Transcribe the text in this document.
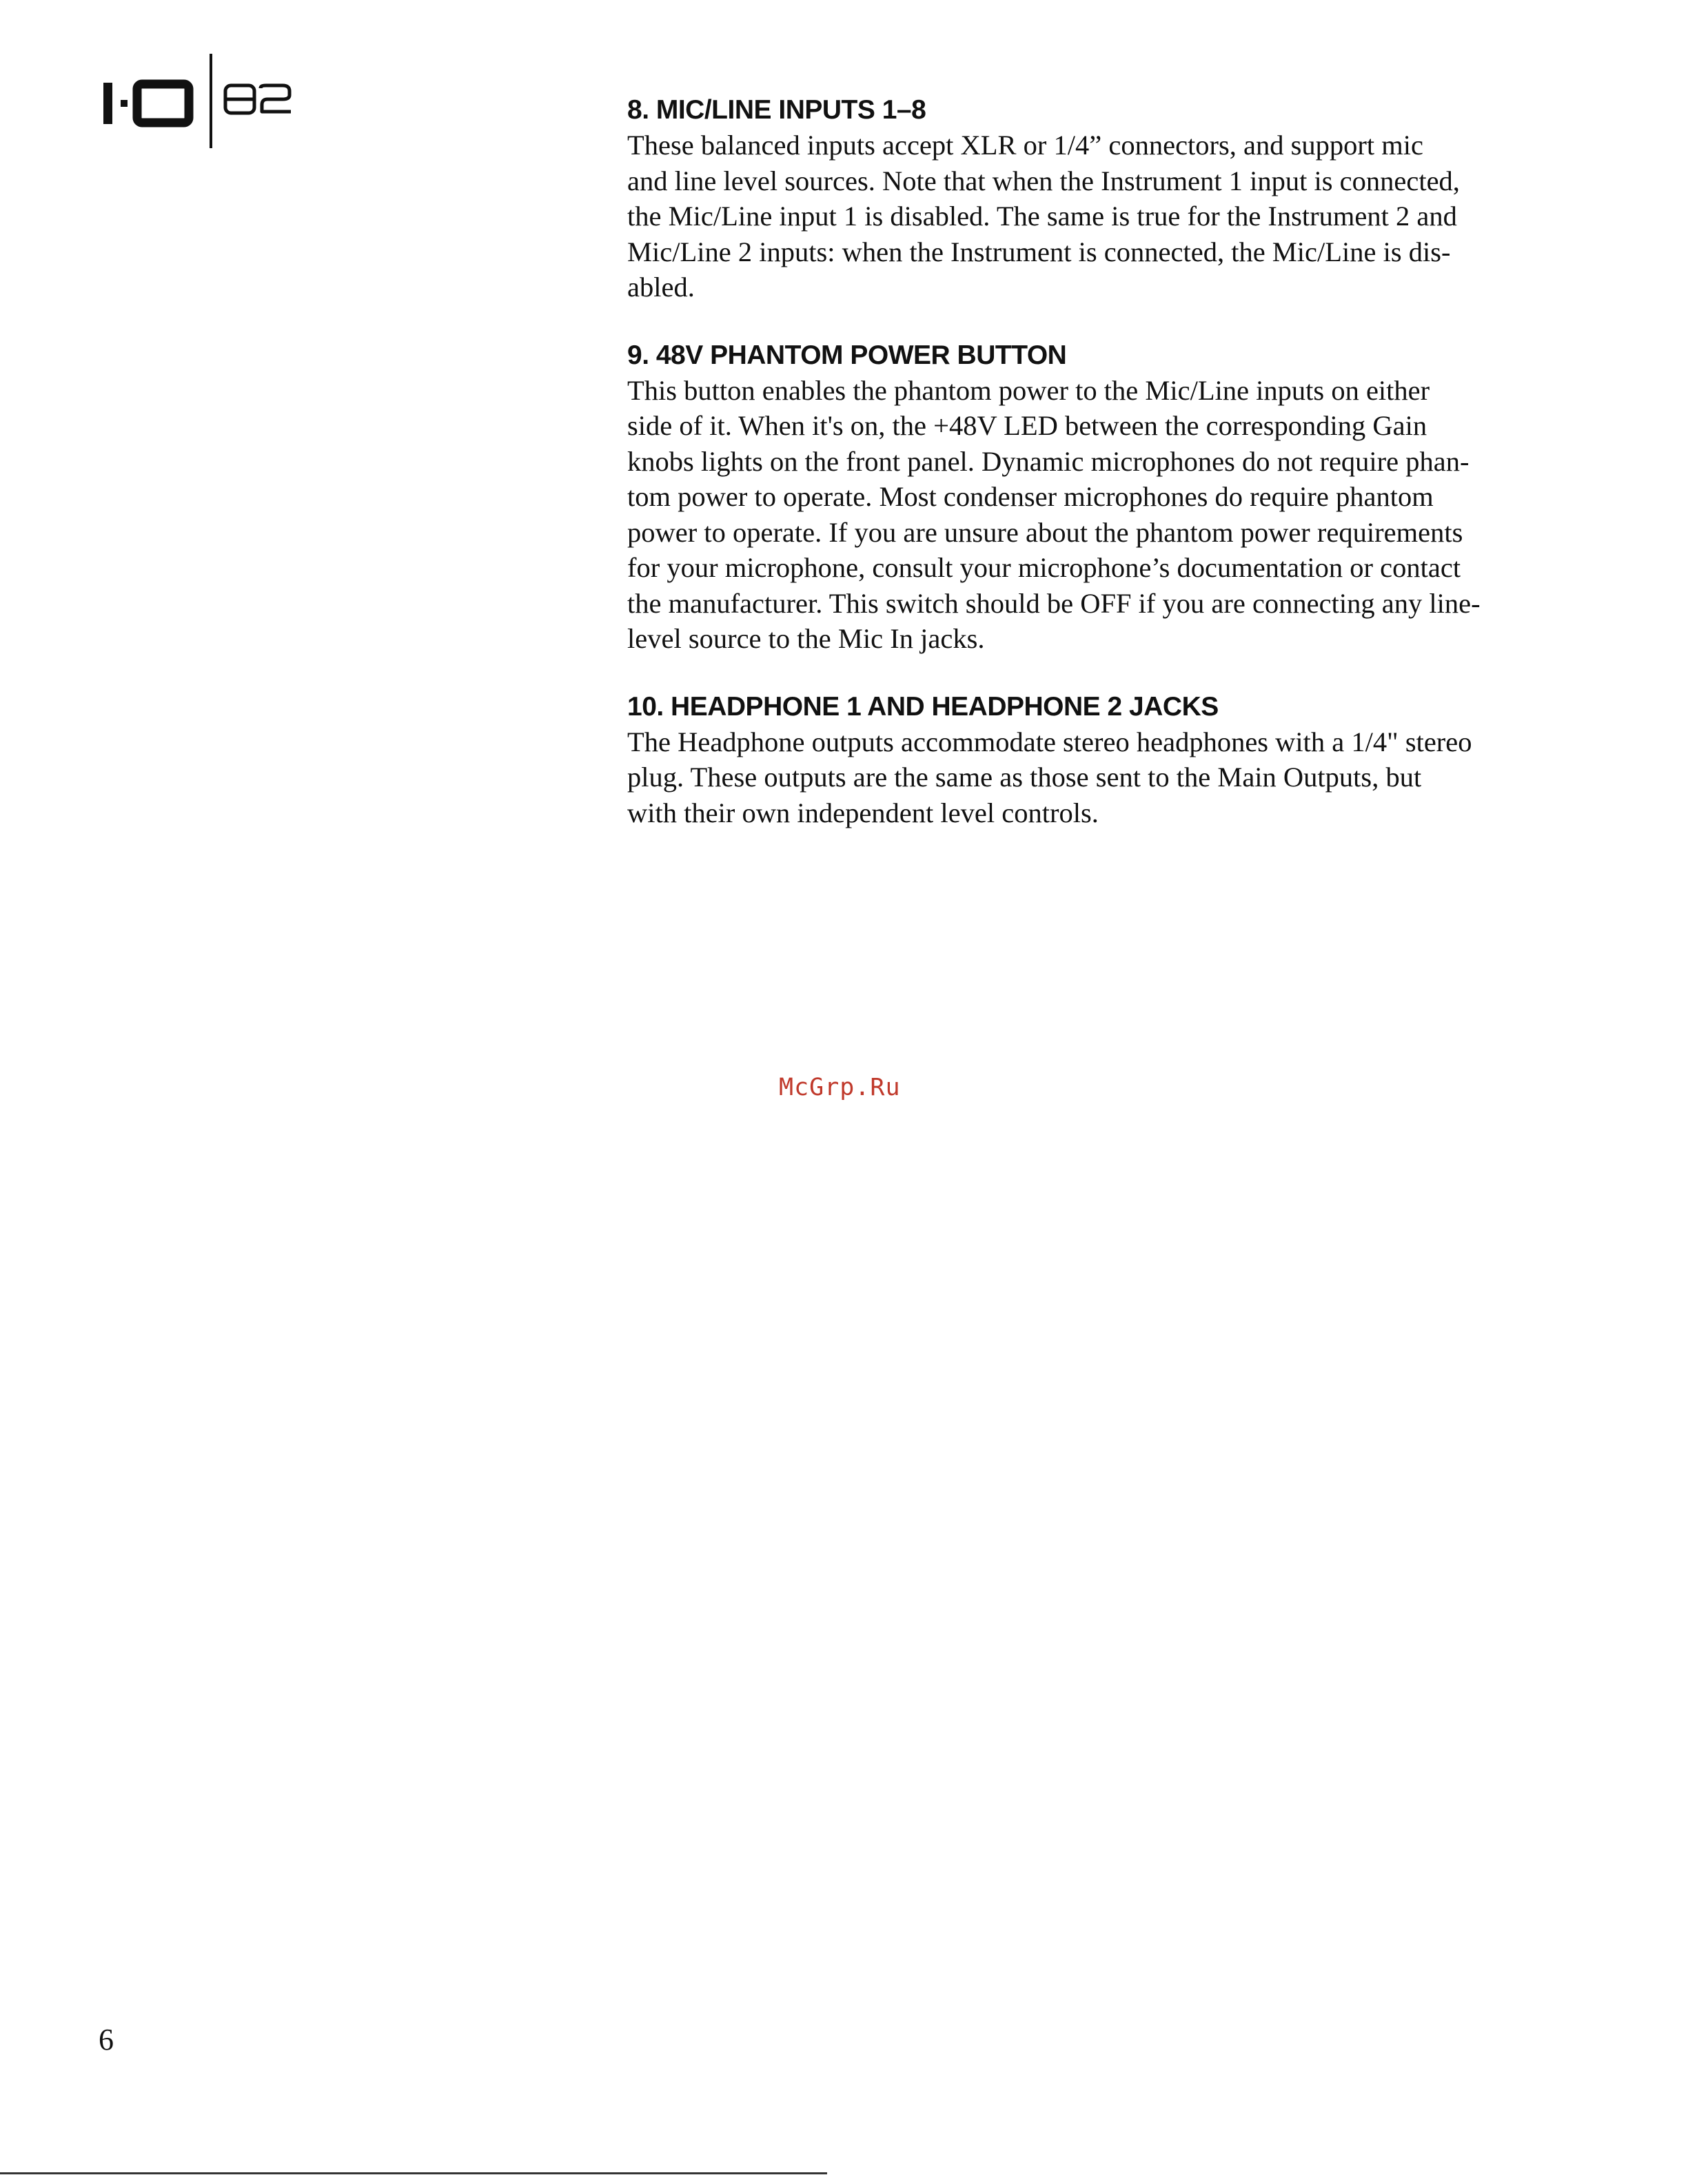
8. MIC/LINE INPUTS 1–8

These balanced inputs accept XLR or 1/4” connectors, and support mic
and line level sources. Note that when the Instrument 1 input is connected,
the Mic/Line input 1 is disabled. The same is true for the Instrument 2 and
Mic/Line 2 inputs: when the Instrument is connected, the Mic/Line is dis-
abled.

9. 48V PHANTOM POWER BUTTON

This button enables the phantom power to the Mic/Line inputs on either
side of it. When it's on, the +48V LED between the corresponding Gain
knobs lights on the front panel. Dynamic microphones do not require phan-
tom power to operate. Most condenser microphones do require phantom
power to operate. If you are unsure about the phantom power requirements
for your microphone, consult your microphone’s documentation or contact
the manufacturer. This switch should be OFF if you are connecting any line-
level source to the Mic In jacks.

10. HEADPHONE 1 AND HEADPHONE 2 JACKS

The Headphone outputs accommodate stereo headphones with a 1/4" stereo
plug. These outputs are the same as those sent to the Main Outputs, but
with their own independent level controls.

McGrp.Ru
6
